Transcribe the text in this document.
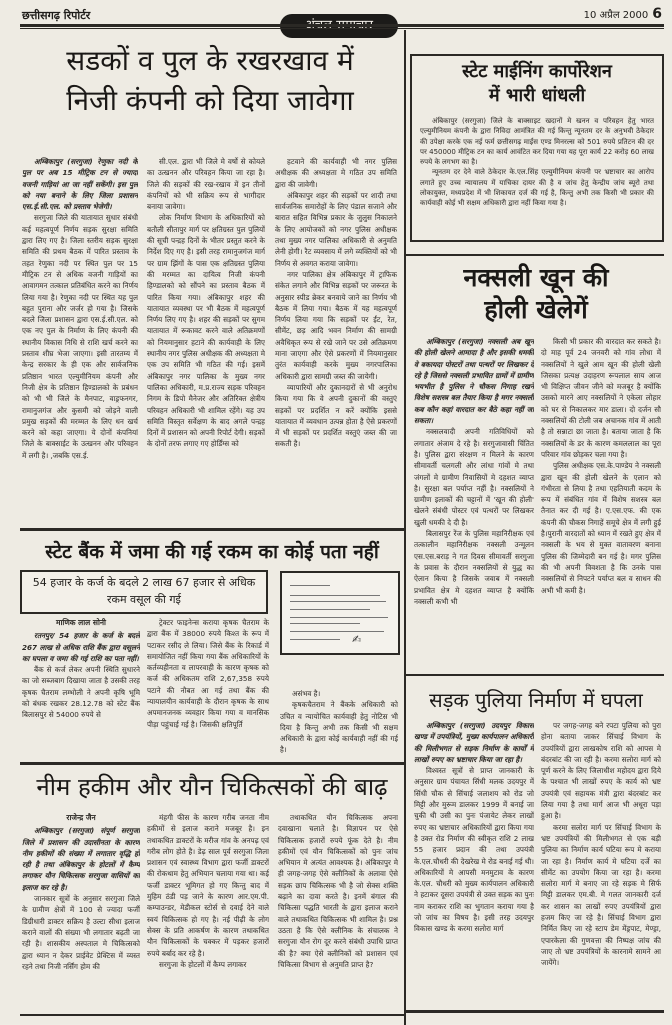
छत्तीसगढ़ रिपोर्टर	10 अप्रैल 2000 6
सडकों व पुल के रखरखाव में
निजी कंपनी को दिया जावेगा

अम्बिकापुर (सरगुजा) रेणुका नदी के पुल पर अब 15 मीट्रिक टन से ज्यादा वजनी गाड़ियां आ जा नहीं सकेंगी। इस पुल को नया बनाने के लिए जिला प्रशासन एस.ई.सी.एल. को प्रस्ताव भेजेगी।

सरगुजा जिले की यातायात सुधार संबंधी कई महत्वपूर्ण निर्णय सड़क सुरक्षा समिति द्वारा लिए गए है। जिला स्तरीय सड़क सुरक्षा समिति की प्रथम बैठक में पारित प्रस्ताव के तहत रेणुका नदी पर स्थित पुल पर 15 मीट्रिक टन से अधिक वजनी गाड़ियों का आवागमन तत्काल प्रतिबंधित करने का निर्णय लिया गया है। रेणुका नदी पर स्थित यह पुल बहुत पुराना और जर्जर हो गया है। जिसके बदले जिला प्रशासन द्वारा एस.ई.सी.एल. को एक नए पुल के निर्माण के लिए कंपनी की स्थानीय विकास निधि से राशि खर्च करने का प्रस्ताव शीघ्र भेजा जाएगा। इसी तारतम्य में केन्द्र सरकार के ही एक और सार्वजनिक प्रतिष्ठान भारत एल्युमीनियम कंपनी और निजी क्षेत्र के प्रतिष्ठान हिण्डालको के प्रबंधन को भी भी जिले के मैनपाट, वाड्रफनगर, रामानुजगंज और कुसमी को जोड़ने वाली प्रमुख सड़कों की मरम्मत के लिए धन खर्च करने को कहा जाएगा। ये दोनों कंपनियां जिले के बाक्साईट के उत्खनन और परिवहन में लगी है। ,जबकि एस.ई.

सी.एल. द्वारा भी जिले मे वर्षो से कोयले का उत्खनन और परिवहन किया जा रहा है। जिले की सड़कों की रख-रखाव में इन तीनों कंपनियों को भी सक्रिय रूप से भागीदार बनाया जावेगा।

लोक निर्माण विभाग के अधिकारियों को बतौली सीतापुर मार्ग पर क्षतिग्रस्त पुल पुलियों की सूची पन्द्रह दिनों के भीतर प्रस्तुत करने के निर्देश दिए गए है। इसी तरह रामानुजगंज मार्ग पर ग्राम झिंगों के पास एक क्षतिग्रस्त पुलिया की मरम्मत का दायित्व निजी कंपनी हिण्डालको को सौंपने का प्रस्ताव बैठक में पारित किया गया। अंबिकापुर शहर की यातायात व्यवस्था पर भी बैठक में महत्वपूर्ण निर्णय लिए गए है। शहर की सड़कों पर सुगम यातायात में रूकावट करने वाले अतिक्रमणों को नियमानुसार हटाने की कार्यवाही के लिए स्थानीय नगर पुलिस अधीक्षक की अध्यक्षता मे एक उप समिति भी गठित की गई। इसमें अंबिकापुर नगर पालिका के मुख्य नगर पालिका अधिकारी, म.प्र.राज्य सड़क परिवहन निगम के डिपो मैनेजर और अतिरिक्त क्षेत्रीय परिवहन अधिकारी भी शामिल रहेंगे। यह उप समिति विस्तृत सर्वेक्षण के बाद अगले पन्द्रह दिनों में प्रशासन को अपनी रिपोर्ट देगी। सड़कों के दोनों तरफ लगाए गए होर्डिंग्स को

हटवाने की कार्यवाही भी नगर पुलिस अधीक्षक की अध्यक्षता मे गठित उप समिति द्वारा की जावेगी।

अंबिकापुर शहर की सड़कों पर शादी तथा सार्वजनिक समारोहों के लिए पंडाल सजाने और बारात सहित विभिन्न प्रकार के जुलुस निकालने के लिए आयोजकों को नगर पुलिस अधीक्षक तथा मुख्य नगर पालिका अधिकारी से अनुमति लेनी होगी। रैट व्यवसाय में लगे व्यक्तियों को भी निर्णय से अवगत कराया जावेगा।

नगर पालिका क्षेत्र अंबिकापुर में ट्राफिक संकेत लगाने और विभिन्न सड़कों पर जरूरत के अनुसार स्पीड ब्रेकर बनवाये जाने का निर्णय भी बैठक में लिया गया। बैठक में यह महत्वपूर्ण निर्णय लिया गया कि सड़कों पर ईंट, रेत, सीमेंट, छड़ आदि भवन निर्माण की सामग्री अवैधिकृत रूप से रखे जाने पर उसे अतिक्रमण माना जाएगा और ऐसे प्रकरणों में नियमानुसार तुरंत कार्यवाही करके मुख्य नगरपालिका अधिकारी द्वारा सामग्री जब्त की जायेगी।

व्यापारियों और दुकानदारों से भी अनुरोध किया गया कि वे अपनी दुकानों की वस्तुएं सड़कों पर प्रदर्शित न करें क्योंकि इससे यातायात में व्यवधान उत्पन्न होता है ऐसे प्रकरणों में भी सड़कों पर प्रदर्शित वस्तुएं जब्त की जा सकती है।

स्टेट माईनिंग कार्पोरेशन
में भारी धांधली

अंबिकापुर (सरगुजा) जिले के बाक्साइट खदानों मे खनन व परिवहन हेतु भारत एल्युमीनियम कंपनी के द्वारा निविदा आमंत्रित की गई किन्तु न्यूनतम दर के अनुभवी ठेकेदार की उपेक्षा करके एक नई फर्म छत्तीसगढ़ माईंस एण्ड मिनरल्स को 501 रुपये प्रतिटन की दर पर 450000 मीट्रिक टन का कार्य आवंटित कर दिया गया यह पूरा कार्य 22 करोड़ 60 लाख रुपये के लगभग का है।

न्यूनतम दर देने वाले ठेकेदार के.एल.सिंह एल्युमीनियम कंपनी पर भ्रष्टाचार का आरोप लगाते हुए उच्च न्यायालय में याचिका दायर की है व जांच हेतु केन्द्रीय जांच ब्यूरो तथा लोकायुक्त, मध्यप्रदेश में भी शिकायत दर्ज की गई है, किन्तु अभी तक किसी भी प्रकार की कार्यवाही कोई भी सक्षम अधिकारी द्वारा नहीं किया गया है।

नक्सली खून की
होली खेलेगें

अम्बिकापुर (सरगुजा) नक्सली अब खून की होली खेलने आमादा है और इसकी धमकी वे बकायदा पोस्टरों तथा पत्थरों पर लिखकर दे रहे है जिससे नक्सली प्रभावित ग्रामों में ग्रामीण भयभीत है पुलिस ने चौकस निगाह रखने विशेष सशस्त्र बल तैयार किया है मगर नक्सली कब कौन कहां वारदात कर बैठे कहा नहीं जा सकता।

नक्सलवादी अपनी गतिविधियों को लगातार अंजाम दे रहे है। सरगुजावासी चिंतित है। पुलिस द्वारा संरक्षण न मिलने के कारण सीमावर्ती चलगली और लांधा गांवों मे तथा जंगलों मे ग्रामीण निवासियों मे दहशत व्याप्त है। सुरक्षा बल पर्याप्त नहीं है। नक्सलियों ने ग्रामीण इलाकों की चट्टानों में 'खून की होली' खेलने संबंधी पोस्टर एवं पत्थरों पर लिखकर खुली धमकी दे दी है।

बिलासपुर रेंज के पुलिस महानिरीक्षक एवं तत्कालीन महानिरीक्षक नक्सली उन्मूलन एस.एस.बराड़ ने गत दिवस सीमावर्ती सरगुजा के प्रवास के दौरान नक्सलियों से युद्ध का ऐलान किया है जिसके जवाब में नक्सली प्रभावित क्षेत्र मे दहशत व्याप्त है क्योंकि नक्सली कभी भी

किसी भी प्रकार की वारदात कर सकते है। दो माह पूर्व 24 जनवरी को गांव लोधा में नक्सलियों ने खुले आम खून की होली खेली जिसका प्रत्यक्ष उदाहरण रूपलाल साय आज भी विक्षिप्त जीवन जीने को मजबूर है क्योंकि उसको मारने आए नक्सलियों ने एकेला लोहार को घर से निकालकर मार डाला। दो दर्जन सौ नक्सलियों की टोली जब अचानक गांव में आती है तो सन्नाटा छा जाता है। बताया जाता है कि नक्सलियों के डर के कारण कमललाल का पूरा परिवार गांव छोड़कर चला गया है।

पुलिस अधीक्षक एस.के.पाण्डेय ने नक्सली द्वारा खून की होली खेलने के एलान को गंभीरता से लिया है तथा एहतियाती कदम के रूप में संबंधित गांव में विशेष सशस्त्र बल तैनात कर दी गई है। ए.एस.एफ. की एक कंपनी की चौकस निगाहें समूचे क्षेत्र में लगी हुई है।पुरानी वारदातों को ध्यान में रखते हुए क्षेत्र में नक्सली के भय से मुक्त वातावरण बनाना पुलिस की जिम्मेदारी बन गई है। मगर पुलिस की भी अपनी विवशता है कि उनके पास नक्सलियों से निपटने पर्याप्त बल व साधन की अभी भी कमी है।

स्टेट बैंक में जमा की गई रकम का कोई पता नहीं
54 हजार के कर्ज के बदले 2 लाख 67 हजार से अधिक रकम वसूल की गई
✍
माणिक लाल सोनी

रतनपुर/ 54 हजार के कर्ज के बदले 267 लाख से अधिक राशि बैंक द्वारा वसूलने का घपला व जमा की गई राशि का पता नहीं।

बैंक से कर्ज लेकर अपनी स्थिति सुधारने का जो सब्जबाग दिखाया जाता है उसकी तरह कृषक चैतराम लम्भोली ने अपनी कृषि भूमि को बंधक रखकर 28.12.78 को स्टेट बैंक बिलासपुर से 54000 रुपये से

ट्रेक्टर फाइनेन्स कराया कृषक चैतराम के द्वारा बैंक में 38000 रुपये किश्त के रूप में पटाकर रसीद ले लिया। जिसे बैंक के रिकार्ड में समायोजित नहीं किया गया बैंक अधिकारियों के कर्तव्यहीनता व लापरवाही के कारण कृषक को कर्ज की अधिकतम राशि 2,67,358 रुपये पटाने की नौबत आ गई तथा बैंक की न्यायालयीन कार्यवाही के दौरान कृषक के साथ अपमानजनक व्यवहार किया गया व मानसिक पीड़ा पहुंचाई गई है। जिसकी क्षतिपूर्ति

असंभव है।

कृषकचैतराम ने बैंकके अधिकारी को उचित व न्यायोचित कार्यवाही हेतु नोटिस भी दिया है किन्तु अभी तक किसी भी सक्षम अधिकारी के द्वारा कोई कार्यवाही नहीं की गई है।

नीम हकीम और यौन चिकित्सकों की बाढ़
राजेन्द्र जैन

अम्बिकापुर (सरगुजा) संपूर्ण सरगुजा जिले में प्रशासन की उदासीनता के कारण नीम हकीमों की संख्या में लगातार वृद्धि हो रही है तथा अंबिकापुर के होटलों में कैम्प लगाकर यौन चिकित्सक सरगुजा वासियों का इलाज कर रहे है।

जानकार सूत्रों के अनुसार सरगुजा जिले के ग्रामीण क्षेत्रों में 100 से ज्यादा फर्जी डिग्रीधारी डाक्टर सक्रिय है उल्टा सीधा इलाज कराने वालों की संख्या भी लगातार बढ़ती जा रही है। शासकीय अस्पताल मे चिकित्सको द्वारा ध्यान न देकर प्राईवेट प्रेक्टिस में व्यस्त रहने तथा निजी नर्सिंग होम की

मंहगी फीस के कारण गरीब जनता नीम हकीमों से इलाज कराने मजबूर है। इन तथाकथित डाक्टरों के मरीज गांव के अनपढ़ एवं गरीब लोग होते है। डेढ़ साल पूर्व सरगुजा जिला प्रशासन एवं स्वास्थ्य विभाग द्वारा फर्जी डाक्टरों की रोकथाम हेतु अभियान चलाया गया था। कई फर्जी डाक्टर भूमिगत हो गए किन्तु बाद में मुहिम ठंडी पड़ जाने के कारण आर.एम.पी. कम्पाउन्डर, मेडीकल स्टोर्स से दवाई देने वाले स्वयं चिकित्सक हो गए है। नई पीढ़ी के लोग सेक्स के प्रति आकर्षण के कारण तथाकथित यौन चिकित्सकों के चक्कर में पड़कर हजारों रुपये बर्बाद कर रहे है।

सरगुजा के होटलों में कैम्प लगाकर

तथाकथित यौन चिकित्सक अपना दवाखाना चलाते है। विज्ञापन पर ऐसे चिकित्सक हजारों रुपये फूंक देते है। नीम हकीमों एवं यौन चिकित्सकों को पुनः जांच अभियान मे अत्यंत आवश्यक है। अंबिकापुर मे ही जगह-जगह ऐसे क्लीनिकों के अलावा ऐसे सड़क छाप चिकित्सक भी है जो सेक्स शक्ति बढ़ाने का दावा करते है। इनमें बंगाल की चिकित्सा पद्धति भारती के द्वारा इलाज कराने वाले तथाकथित चिकित्सक भी शामिल है। प्रश्न उठता है कि ऐसे क्लीनिक के संचालक ने सरगुजा यौन रोग दूर करने संबंधी उपाधि प्राप्त की है? क्या ऐसे क्लीनिकों को प्रशासन एवं चिकित्सा विभाग से अनुमति प्राप्त है?

सड़क पुलिया निर्माण में घपला

अम्बिकापुर (सरगुजा) उदयपुर विकास खण्ड में उपयंत्रियों, मुख्य कार्यपालन अधिकारी की मिलीभगत से सड़क निर्माण के कार्यों में लाखों रुपए का भ्रष्टाचार किया जा रहा है।

विश्वस्त सूत्रों से प्राप्त जानकारी के अनुसार ग्राम पंचायत सिंधी मलक उदयपुर में सिंधी चौक से सिंचाई जलाशय को रोड जो मिट्टी और मुरूम डालकर 1999 में बनाई जा चुकी थी उसी का पुनः पंजायेट लेकर लाखों रुपए का भ्रष्टाचार अधिकारियों द्वारा किया गया है उक्त रोड निर्माण की स्वीकृत राशि 2 लाख 55 हजार प्रदान की तथा उपयंत्री के.एल.चौधरी की देखरेख मे रोड बनाई गई थी। अधिकारियों मे आपसी मनमुटाव के कारण के.एल. चौधरी को मुख्य कार्यपालन अधिकारी ने हटाकर दूसरा उपयंत्री से उक्त सड़क का पुनः नाम कराकर राशि का भुगतान कराया गया है जो जांच का विषय है। इसी तरह उदयपुर विकास खण्ड के करमा सलोरा मार्ग

पर जगह-जगह बने रपटा पुलिया को पुरा होना बताया जाकर सिंचाई विभाग के उपयंत्रियों द्वारा लाखकोष राशि को आपस मे बंदरबांट की जा रही है। करमा सलोरा मार्ग को पूर्ण करने के लिए जिलाधीश महोदय द्वारा दिये के पश्चात भी लाखों रुपए के कार्य को भ्रष्ट उपयंत्री एवं सहायक मंत्री द्वारा बंदरबांट कर लिया गया है तथा मार्ग आज भी अधूरा पड़ा हुआ है।

करमा सलोरा मार्ग पर सिंचाई विभाग के भ्रष्ट उपयंत्रियों की मिलीभगत से एक बड़ी पुलिया का निर्माण कार्य घटिया रूप मे कराया जा रहा है। निर्माण कार्य मे घटिया दर्जे का सीमेंट का उपयोग किया जा रहा है। करमा सलोरा मार्ग मे बनाए जा रहे सड़क मे सिर्फ मिट्टी डालकर एम.बी. मे गलत जानकारी दर्ज कर शासन का लाखों रुपए उपयंत्रियों द्वारा हजम किए जा रहे है। सिंचाई विभाग द्वारा निर्मित किए जा रहे स्टाप डेम मेंड्रपाट, मेण्ड्रा, एपारकेला की गुणवत्ता की निष्पक्ष जांच की जाए तो भ्रष्ट उपयंत्रियों के कारनामे सामने आ जायेंगे।
